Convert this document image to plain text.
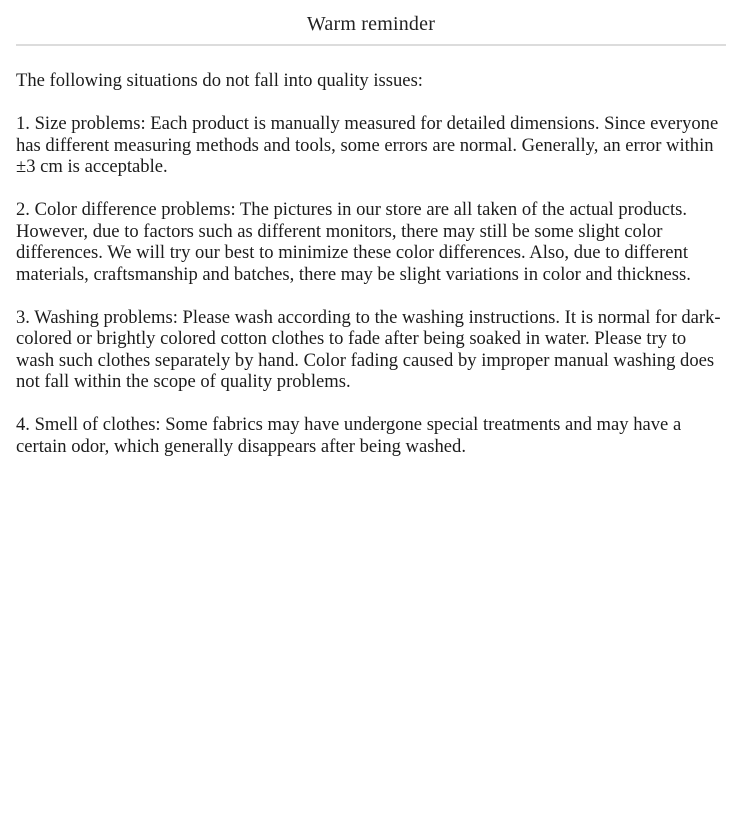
Warm reminder

The following situations do not fall into quality issues:

1. Size problems: Each product is manually measured for detailed dimensions. Since everyone has different measuring methods and tools, some errors are normal. Generally, an error within ±3 cm is acceptable.

2. Color difference problems: The pictures in our store are all taken of the actual products. However, due to factors such as different monitors, there may still be some slight color differences. We will try our best to minimize these color differences. Also, due to different materials, craftsmanship and batches, there may be slight variations in color and thickness.

3. Washing problems: Please wash according to the washing instructions. It is normal for dark-colored or brightly colored cotton clothes to fade after being soaked in water. Please try to wash such clothes separately by hand. Color fading caused by improper manual washing does not fall within the scope of quality problems.

4. Smell of clothes: Some fabrics may have undergone special treatments and may have a certain odor, which generally disappears after being washed.
